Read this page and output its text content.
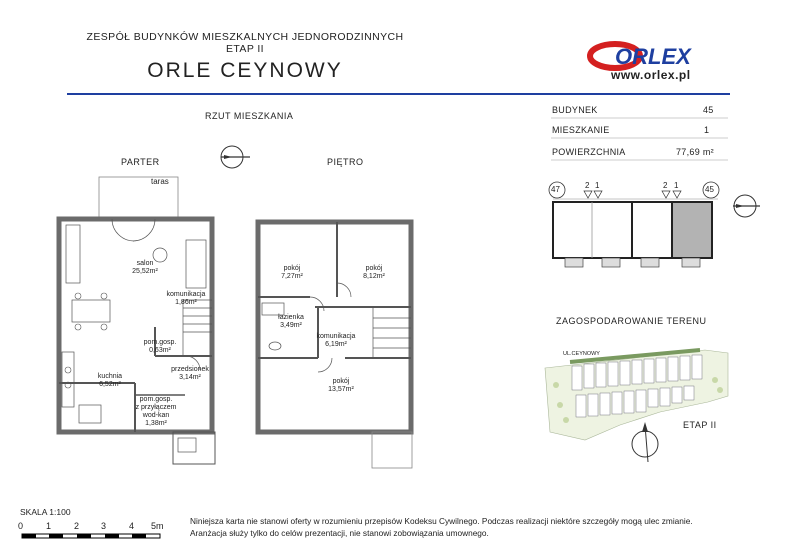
ZESPÓŁ BUDYNKÓW MIESZKALNYCH JEDNORODZINNYCH
ETAP II
ORLE CEYNOWY
ORLEX
www.orlex.pl
RZUT MIESZKANIA
PARTER	PIĘTRO
taras
salon
25,52m²
komunikacja
1,86m²
pom.gosp.
0,63m²
kuchnia
6,52m²
przedsionek
3,14m²
pom.gosp.
z przyłączem
wod-kan
1,38m²
pokój
7,27m²
pokój
8,12m²
łazienka
3,49m²
komunikacja
6,19m²
pokój
13,57m²
BUDYNEK	45
MIESZKANIE	1
POWIERZCHNIA	77,69 m²
47	45
2 1	2 1
ZAGOSPODAROWANIE TERENU
UL.CEYNOWY
ETAP II
SKALA 1:100
0	1	2 3	4 5m	Niniejsza karta nie stanowi oferty w rozumieniu przepisów Kodeksu Cywilnego. Podczas realizacji niektóre szczegóły mogą ulec zmianie.
Aranżacja służy tylko do celów prezentacji, nie stanowi zobowiązania umownego.
